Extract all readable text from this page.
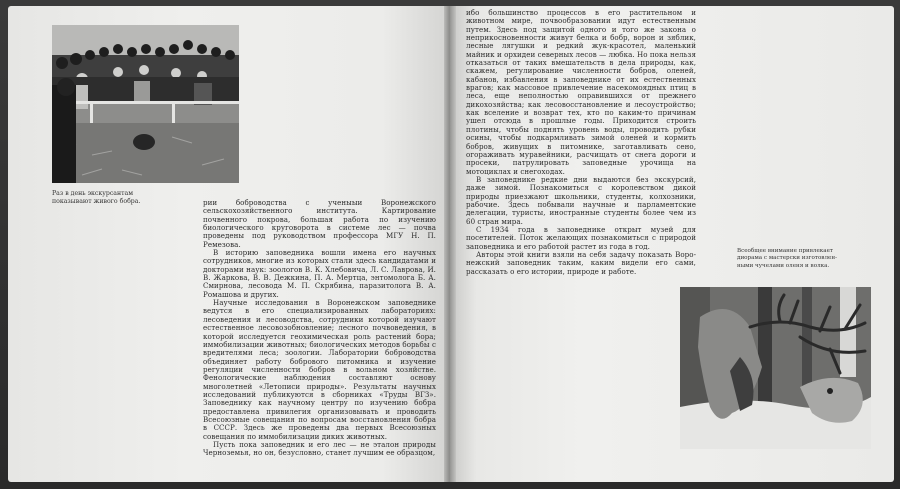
Раз в день экскурсантам показывают живого бобра.	рии боброводства с ученыыи Воронежского сельскохозяйственного института. Картирование почвенного покрова, большая работа по изучению биологического круговорота в системе лес — почва проведены под руководством профессора МГУ Н. П. Ремезова.

В историю заповедника вошли имена его научных сотрудников, многие из которых стали здесь кандидатами и докторами наук: зоологов В. К. Хлебовича, Л. С. Лаврова, И. В. Жаркова, В. В. Дежкина, П. А. Мертца, энтомолога Б. А. Смирнова, лесовода М. П. Скрябина, паразитолога В. А. Ромашова и других.

Научные исследования в Воронежском заповеднике ведутся в его специализированных лабораториях: лесоведения и лесоводства, сотрудники которой изучают естественное лесовозобновление; лесного почвоведения, в которой исследуется геохимическая роль растений бора; иммобилизации животных; биологических методов борьбы с вредителями леса; зоологии. Лаборатории боброводства объединяет работу бобрового питомника и изучение регуляции численности бобров в вольном хозяйстве. Фенологические наблюдения составляют основу многолетней «Летописи природы». Результаты научных исследований публикуются в сборниках «Труды ВГЗ». Заповеднику как научному центру по изучению бобра предоставлена привилегия организовывать и проводить Всесоюзные совещания по вопросам восстановления бобра в СССР. Здесь же проведены два первых Всесоюзных совещания по иммобилизации диких животных.

Пусть пока заповедник и его лес — не эталон природы Черноземья, но он, безусловно, станет лучшим ее образцом,

ибо большинство процессов в его растительном и животном мире, почвообразовании идут естественным путем. Здесь под защитой одного и того же закона о неприкосновенности живут белка и бобр, ворон и зяблик, лесные лягушки и редкий жук-красотел, маленький майник и орхидеи северных лесов — любка. Но пока нельзя отказаться от таких вмешательств в дела природы, как, скажем, регулирование численности бобров, оленей, кабанов, избавления в заповеднике от их естественных врагов; как массовое привлечение насекомоядных птиц в леса, еще неполностью оправившихся от прежнего дикохозяйства; как лесовосстановление и лесоустройство; как вселение и возврат тех, кто по каким-то причинам ушел отсюда в прошлые годы. Приходится строить плотины, чтобы поднять уровень воды, проводить рубки осины, чтобы подкармливать зимой оленей и кормить бобров, живущих в питомнике, заготавливать сено, огораживать муравейники, расчищать от снега дороги и просеки, патрулировать заповедные урочища на мотоциклах и снегоходах.

В заповеднике редкие дни выдаются без экскурсий, даже зимой. Познакомиться с королевством дикой природы приезжают школьники, студенты, колхозники, рабочие. Здесь побывали научные и парламентские делегации, туристы, иностранные студенты более чем из 60 стран мира.

С 1934 года в заповеднике открыт музей для посетителей. Поток желающих познакомиться с природой заповедника и его работой растет из года в год.

Авторы этой книги взяли на себя задачу показать Воронежский заповедник таким, каким видели его сами, рассказать о его истории, природе и работе.

Всеобщее внимание привлекает диорама с мастерски изготовленными чучелами оленя и волка.
